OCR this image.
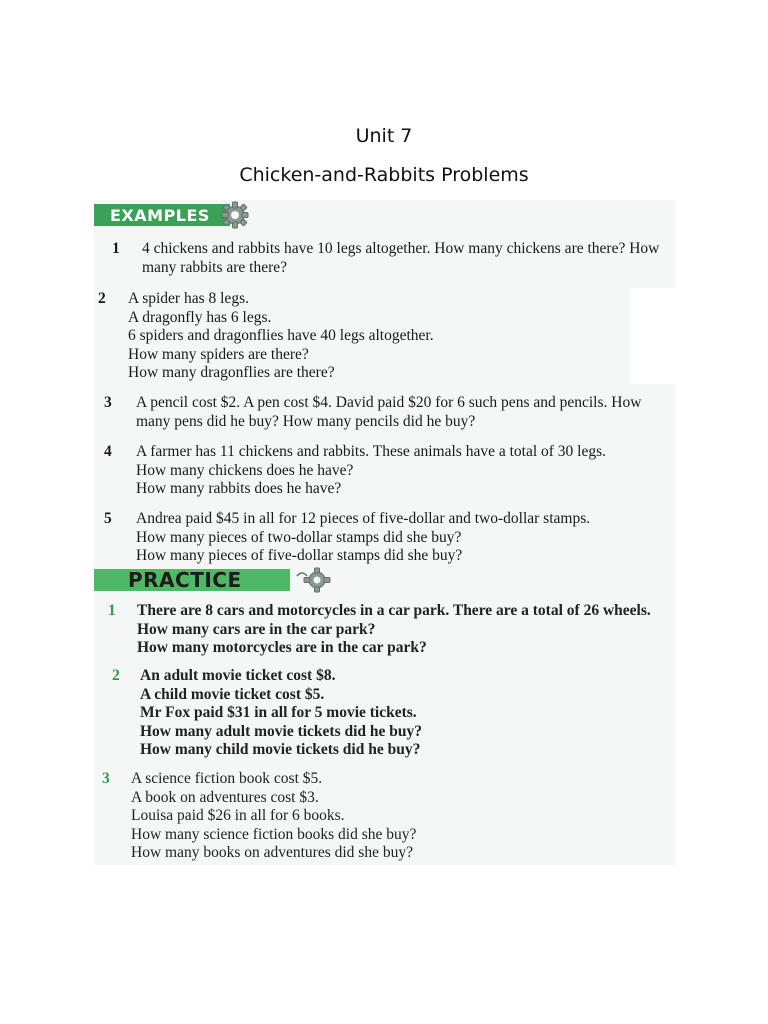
Unit 7
Chicken-and-Rabbits Problems
EXAMPLES
1 4 chickens and rabbits have 10 legs altogether. How many chickens are there? How
many rabbits are there?
2 A spider has 8 legs.
A dragonfly has 6 legs.
6 spiders and dragonflies have 40 legs altogether.
How many spiders are there?
How many dragonflies are there?
3 A pencil cost $2. A pen cost $4. David paid $20 for 6 such pens and pencils. How
many pens did he buy? How many pencils did he buy?
4 A farmer has 11 chickens and rabbits. These animals have a total of 30 legs.
How many chickens does he have?
How many rabbits does he have?
5 Andrea paid $45 in all for 12 pieces of five-dollar and two-dollar stamps.
How many pieces of two-dollar stamps did she buy?
How many pieces of five-dollar stamps did she buy?
PRACTICE
1 There are 8 cars and motorcycles in a car park. There are a total of 26 wheels.
How many cars are in the car park?
How many motorcycles are in the car park?
2 An adult movie ticket cost $8.
A child movie ticket cost $5.
Mr Fox paid $31 in all for 5 movie tickets.
How many adult movie tickets did he buy?
How many child movie tickets did he buy?
3 A science fiction book cost $5.
A book on adventures cost $3.
Louisa paid $26 in all for 6 books.
How many science fiction books did she buy?
How many books on adventures did she buy?
